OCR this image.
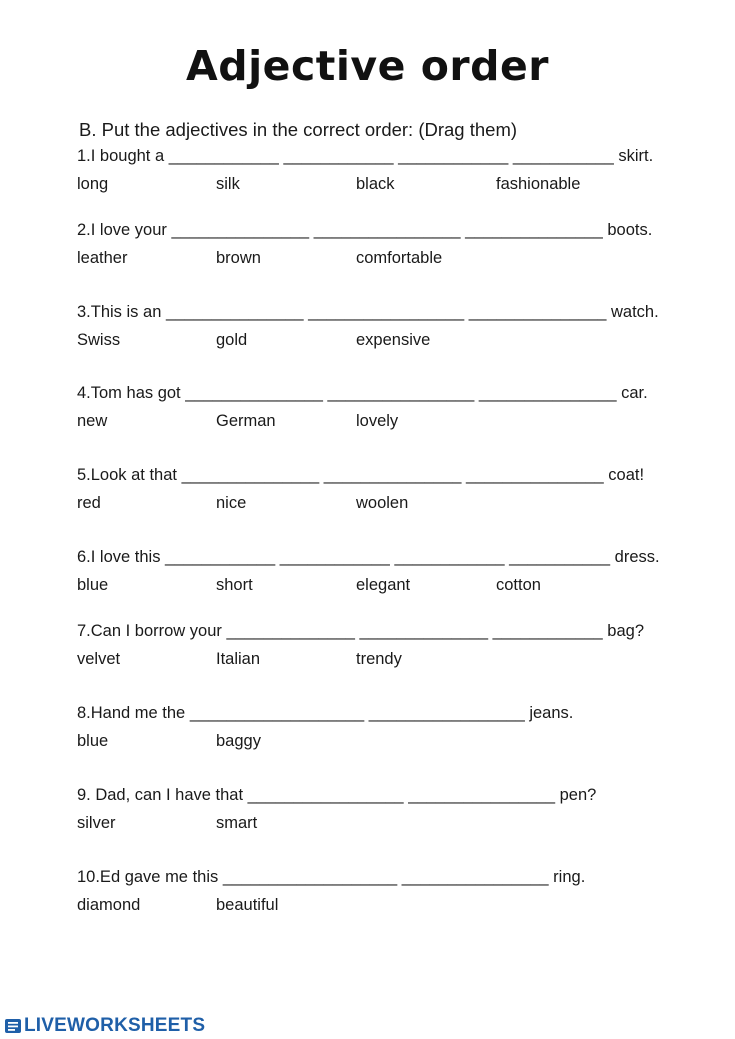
Adjective order
B. Put the adjectives in the correct order: (Drag them)
1.I bought a ____________ ____________ ____________ ___________ skirt.
long	silk	black	fashionable
2.I love your _______________ ________________ _______________ boots.
leather	brown	comfortable
3.This is an _______________ _________________ _______________ watch.
Swiss	gold	expensive
4.Tom has got _______________ ________________ _______________ car.
new	German	lovely
5.Look at that _______________ _______________ _______________ coat!
red	nice	woolen
6.I love this ____________ ____________ ____________ ___________ dress.
blue	short	elegant	cotton
7.Can I borrow your ______________ ______________ ____________ bag?
velvet	Italian	trendy
8.Hand me the ___________________ _________________ jeans.
blue	baggy
9. Dad, can I have that _________________ ________________ pen?
silver	smart
10.Ed gave me this ___________________ ________________ ring.
diamond	beautiful
LIVEWORKSHEETS
